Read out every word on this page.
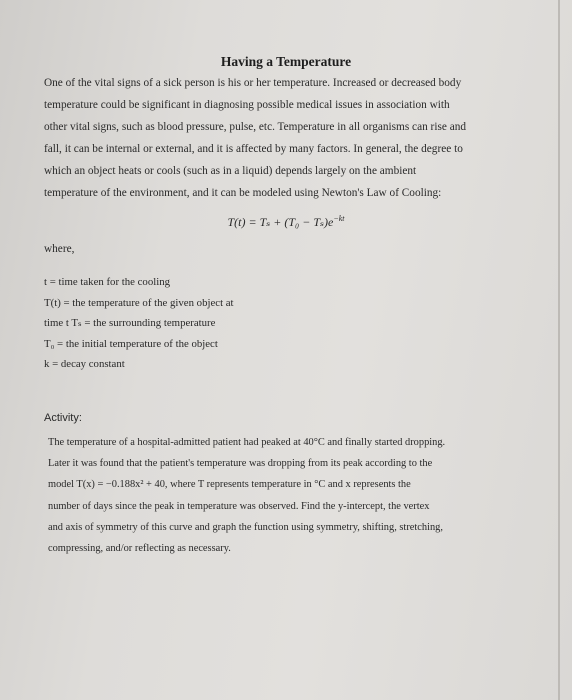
Having a Temperature
One of the vital signs of a sick person is his or her temperature. Increased or decreased body
temperature could be significant in diagnosing possible medical issues in association with
other vital signs, such as blood pressure, pulse, etc. Temperature in all organisms can rise and
fall, it can be internal or external, and it is affected by many factors. In general, the degree to
which an object heats or cools (such as in a liquid) depends largely on the ambient
temperature of the environment, and it can be modeled using Newton's Law of Cooling:
$T(t) = T_s + (T_0 - T_s)e^{-kt}$
where,
t = time taken for the cooling
T(t) = the temperature of the given object at
time t Tₛ = the surrounding temperature
T₀ = the initial temperature of the object
k = decay constant
Activity:
The temperature of a hospital-admitted patient had peaked at 40°C and finally started dropping.
Later it was found that the patient's temperature was dropping from its peak according to the
model T(x) = −0.188x² + 40, where T represents temperature in °C and x represents the
number of days since the peak in temperature was observed. Find the y-intercept, the vertex
and axis of symmetry of this curve and graph the function using symmetry, shifting, stretching,
compressing, and/or reflecting as necessary.
